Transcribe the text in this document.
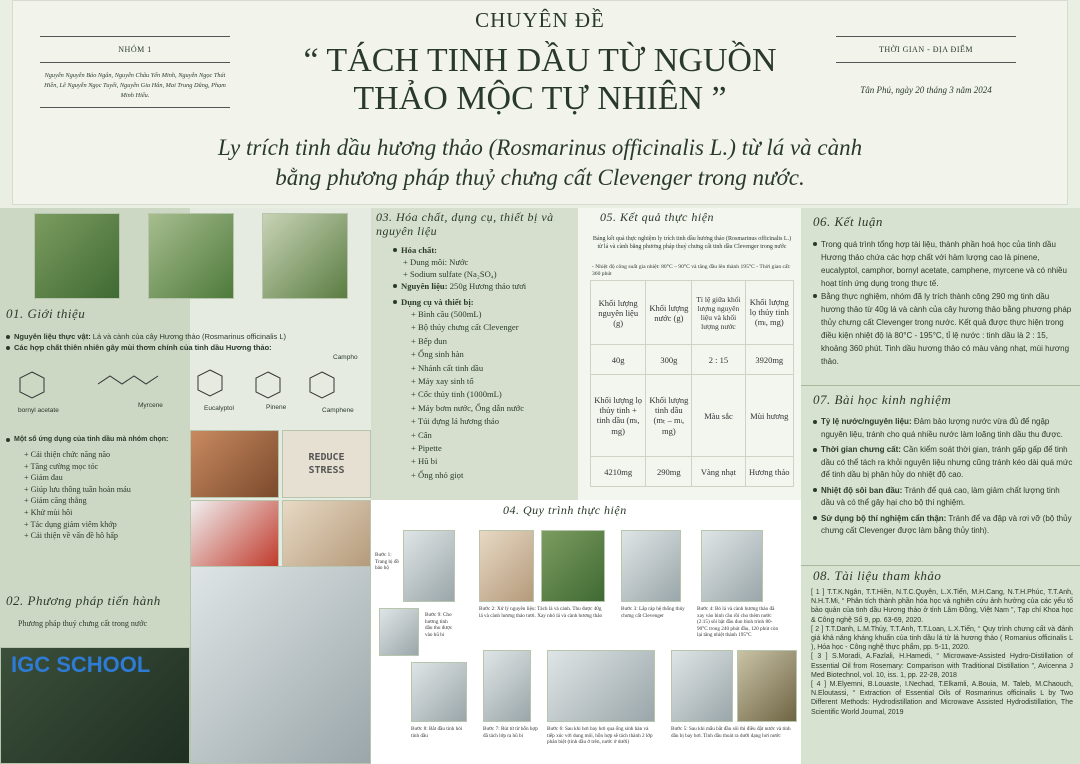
NHÓM 1
Nguyễn Nguyễn Bảo Ngân, Nguyễn Châu Yến Minh, Nguyễn Ngọc Thái Hiền, Lê Nguyễn Ngọc Tuyết, Nguyễn Gia Hân, Mai Trung Dũng, Phạm Minh Hiếu.
CHUYÊN ĐỀ
“ TÁCH TINH DẦU TỪ NGUỒN
THẢO MỘC TỰ NHIÊN ”
THỜI GIAN - ĐỊA ĐIỂM
Tân Phú, ngày 20 tháng 3 năm 2024
Ly trích tinh dầu hương thảo (Rosmarinus officinalis L.) từ lá và cành
bằng phương pháp thuỷ chưng cất Clevenger trong nước.
01. Giới thiệu
Nguyên liệu thực vật: Lá và cành của cây Hương thảo (Rosmarinus officinalis L)
Các hợp chất thiên nhiên gây mùi thơm chính của tinh dầu Hương thảo:
Campho
bornyl acetate
Myrcene	Eucalyptol	Pinene	Camphene
Một số ứng dụng của tinh dầu mà nhóm chọn:
+ Cải thiện chức năng não
+ Tăng cường mọc tóc
+ Giảm đau
+ Giúp lưu thông tuần hoàn máu
+ Giảm căng thẳng
+ Khử mùi hôi
+ Tác dụng giảm viêm khớp
+ Cải thiện về vấn đề hô hấp
REDUCE STRESS
02. Phương pháp tiến hành
Phương pháp thuỷ chưng cất trong nước
IGC SCHOOL
03. Hóa chất, dụng cụ, thiết bị và nguyên liệu
Hóa chất:
+ Dung môi: Nước
+ Sodium sulfate (Na₂SO₄)
Nguyên liệu: 250g Hương thảo tươi
Dụng cụ và thiết bị:
+ Bình cầu (500mL)
+ Bộ thủy chưng cất Clevenger
+ Bếp đun
+ Ống sinh hàn
+ Nhánh cất tinh dầu
+ Máy xay sinh tố
+ Cốc thủy tinh (1000mL)
+ Máy bơm nước, Ống dẫn nước
+ Túi đựng lá hương thảo
+ Cân
+ Pipette
+ Hũ bi
+ Ống nhỏ giọt
05. Kết quả thực hiện
Bảng kết quả thực nghiệm ly trích tinh dầu hương thảo (Rosmarinus officinalis L.) từ lá và cành bằng phương pháp thuỷ chưng cất tinh dầu Clevenger trong nước
- Nhiệt độ công suất gia nhiệt: 80°C – 90°C và tăng đầu lên thành 195°C - Thời gian cất: 360 phút
Khối lượng nguyên liệu (g)	Khối lượng nước (g)	Tỉ lệ giữa khối lượng nguyên liệu và khối lượng nước	Khối lượng lọ thủy tinh (mₗ, mg)
40g	300g	2 : 15	3920mg
Khối lượng lọ thủy tinh + tinh dầu (mₗ, mg)	Khối lượng tinh dầu (mₜ – mₗ, mg)	Màu sắc	Mùi hương
4210mg	290mg	Vàng nhạt	Hương thảo
04. Quy trình thực hiện
Bước 1: Trang bị đồ bảo hộ
Bước 2: Xử lý nguyên liệu: Tách lá và cành. Thu được 40g lá và cành hương thảo tươi. Xay nhỏ lá và cành hương thảo
Bước 3: Lắp ráp hệ thống thủy chưng cất Clevenger
Bước 4: Bỏ lá và cành hương thảo đã xay vào bình cầu rồi cho thêm nước (2:15) sôi bật đầu đun bình trình 80-90°C trong 240 phút đầu, 120 phút còn lại tăng nhiệt thành 195°C
Bước 9: Cho hương tinh dầu thu được vào hũ bi
Bước 8: Bắt đầu tinh hỏi tinh dầu
Bước 7: Rút từ từ hỗn hợp đã tách lớp ra hũ bi
Bước 6: Sau khi hơi bay hơi qua ống sinh hàn và tiếp xúc với dung môi, hỗn hợp sẽ tách thành 2 lớp phân biệt (tinh dầu ở trên, nước ở dưới)
Bước 5: Sau khi mẫu bắt đầu sôi thì điều đặt nước và tinh dầu bị bay hơi. Tinh dầu thoát ra dưới dạng hơi nước
06. Kết luận
Trong quá trình tổng hợp tài liệu, thành phần hoá học của tinh dầu Hương thảo chứa các hợp chất với hàm lượng cao là pinene, eucalyptol, camphor, bornyl acetate, camphene, myrcene và có nhiều hoạt tính ứng dụng trong thực tế.
Bằng thực nghiệm, nhóm đã ly trích thành công 290 mg tinh dầu hương thảo từ 40g lá và cành của cây hương thảo bằng phương pháp thủy chưng cất Clevenger trong nước. Kết quả được thực hiện trong điều kiện nhiệt độ là 80°C - 195°C, tỉ lệ nước : tinh dầu là 2 : 15, khoảng 360 phút. Tinh dầu hương thảo có màu vàng nhạt, mùi hương thảo.
07. Bài học kinh nghiệm
Tỷ lệ nước/nguyên liệu: Đảm bảo lượng nước vừa đủ để ngập nguyên liệu, tránh cho quá nhiều nước làm loãng tinh dầu thu được.
Thời gian chưng cất: Cần kiểm soát thời gian, tránh gấp gấp để tinh dầu có thể tách ra khỏi nguyên liệu nhưng cũng tránh kéo dài quá mức để tinh dầu bị phân hủy do nhiệt độ cao.
Nhiệt độ sôi ban đầu: Tránh để quá cao, làm giảm chất lượng tinh dầu và có thể gây hại cho bộ thí nghiệm.
Sử dụng bộ thí nghiệm cẩn thận: Tránh để va đập và rơi vỡ (bộ thủy chưng cất Clevenger được làm bằng thủy tinh).
08. Tài liệu tham khảo
[ 1 ] T.T.K.Ngân, T.T.Hiền, N.T.C.Quyên, L.X.Tiến, M.H.Cang, N.T.H.Phúc, T.T.Anh, N.H.T.Mi, “ Phân tích thành phần hóa học và nghiên cứu ảnh hưởng của các yếu tố bảo quản của tinh dầu Hương thảo ở tỉnh Lâm Đồng, Việt Nam ”, Tạp chí Khoa học & Công nghệ Số 9, pp. 63-69, 2020.
[ 2 ] T.T.Danh, L.M.Thủy, T.T.Anh, T.T.Loan, L.X.Tiến, “ Quy trình chưng cất và đánh giá khả năng kháng khuẩn của tinh dầu lá từ lá hương thảo ( Romanius officinalis L ), Hóa học - Công nghệ thực phẩm, pp. 5-11, 2020.
[ 3 ] S.Moradi, A.Fazlali, H.Hamedi, “ Microwave-Assisted Hydro-Distillation of Essential Oil from Rosemary: Comparison with Traditional Distillation ”, Avicenna J Med Biotechnol, vol. 10, iss. 1, pp. 22-28, 2018
[ 4 ] M.Elyemni, B.Louaste, I.Nechad, T.Elkamli, A.Bouia, M. Taleb, M.Chaouch, N.Eloutassi, “ Extraction of Essential Oils of Rosmarinus officinalis L by Two Different Methods: Hydrodistillation and Microwave Assisted Hydrodistillation, The Scientific World Journal, 2019
